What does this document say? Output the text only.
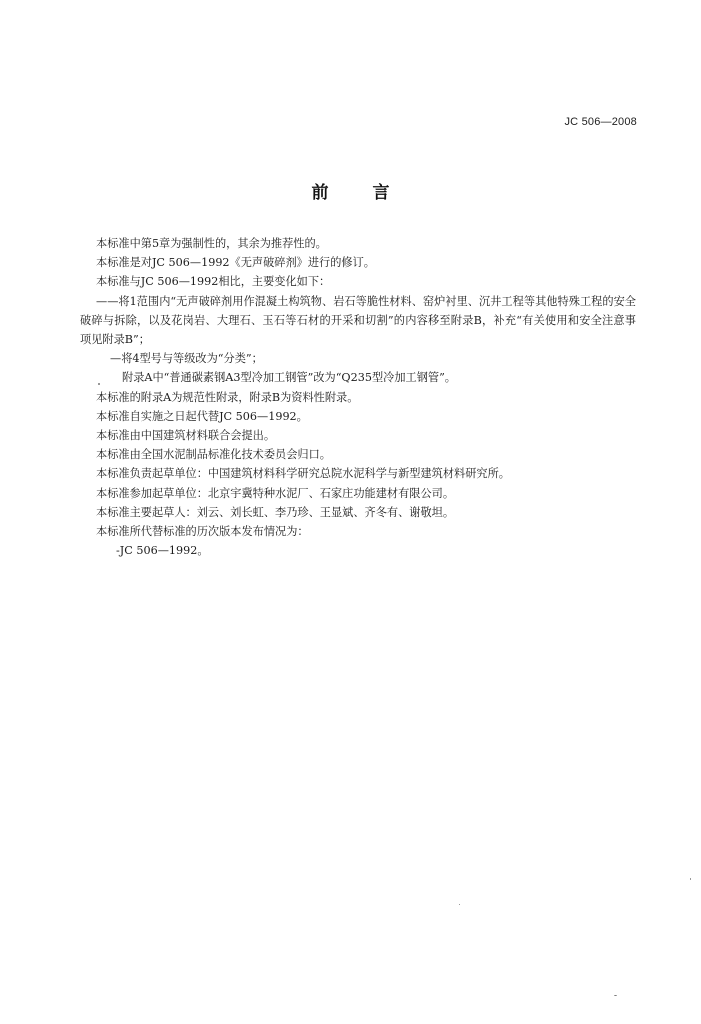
JC 506—2008
前言

本标准中第5章为强制性的，其余为推荐性的。

本标准是对JC 506—1992《无声破碎剂》进行的修订。

本标准与JC 506—1992相比，主要变化如下：

——将1范围内“无声破碎剂用作混凝土构筑物、岩石等脆性材料、窑炉衬里、沉井工程等其他特殊工程的安全破碎与拆除，以及花岗岩、大理石、玉石等石材的开采和切割”的内容移至附录B，补充“有关使用和安全注意事项见附录B”；

—将4型号与等级改为“分类”；

附录A中“普通碳素钢A3型冷加工钢管”改为“Q235型冷加工钢管”。

本标准的附录A为规范性附录，附录B为资料性附录。

本标准自实施之日起代替JC 506—1992。

本标准由中国建筑材料联合会提出。

本标准由全国水泥制品标准化技术委员会归口。

本标准负责起草单位：中国建筑材料科学研究总院水泥科学与新型建筑材料研究所。

本标准参加起草单位：北京宇冀特种水泥厂、石家庄功能建材有限公司。

本标准主要起草人：刘云、刘长虹、李乃珍、王显斌、齐冬有、谢敬坦。

本标准所代替标准的历次版本发布情况为：

-JC 506—1992。
